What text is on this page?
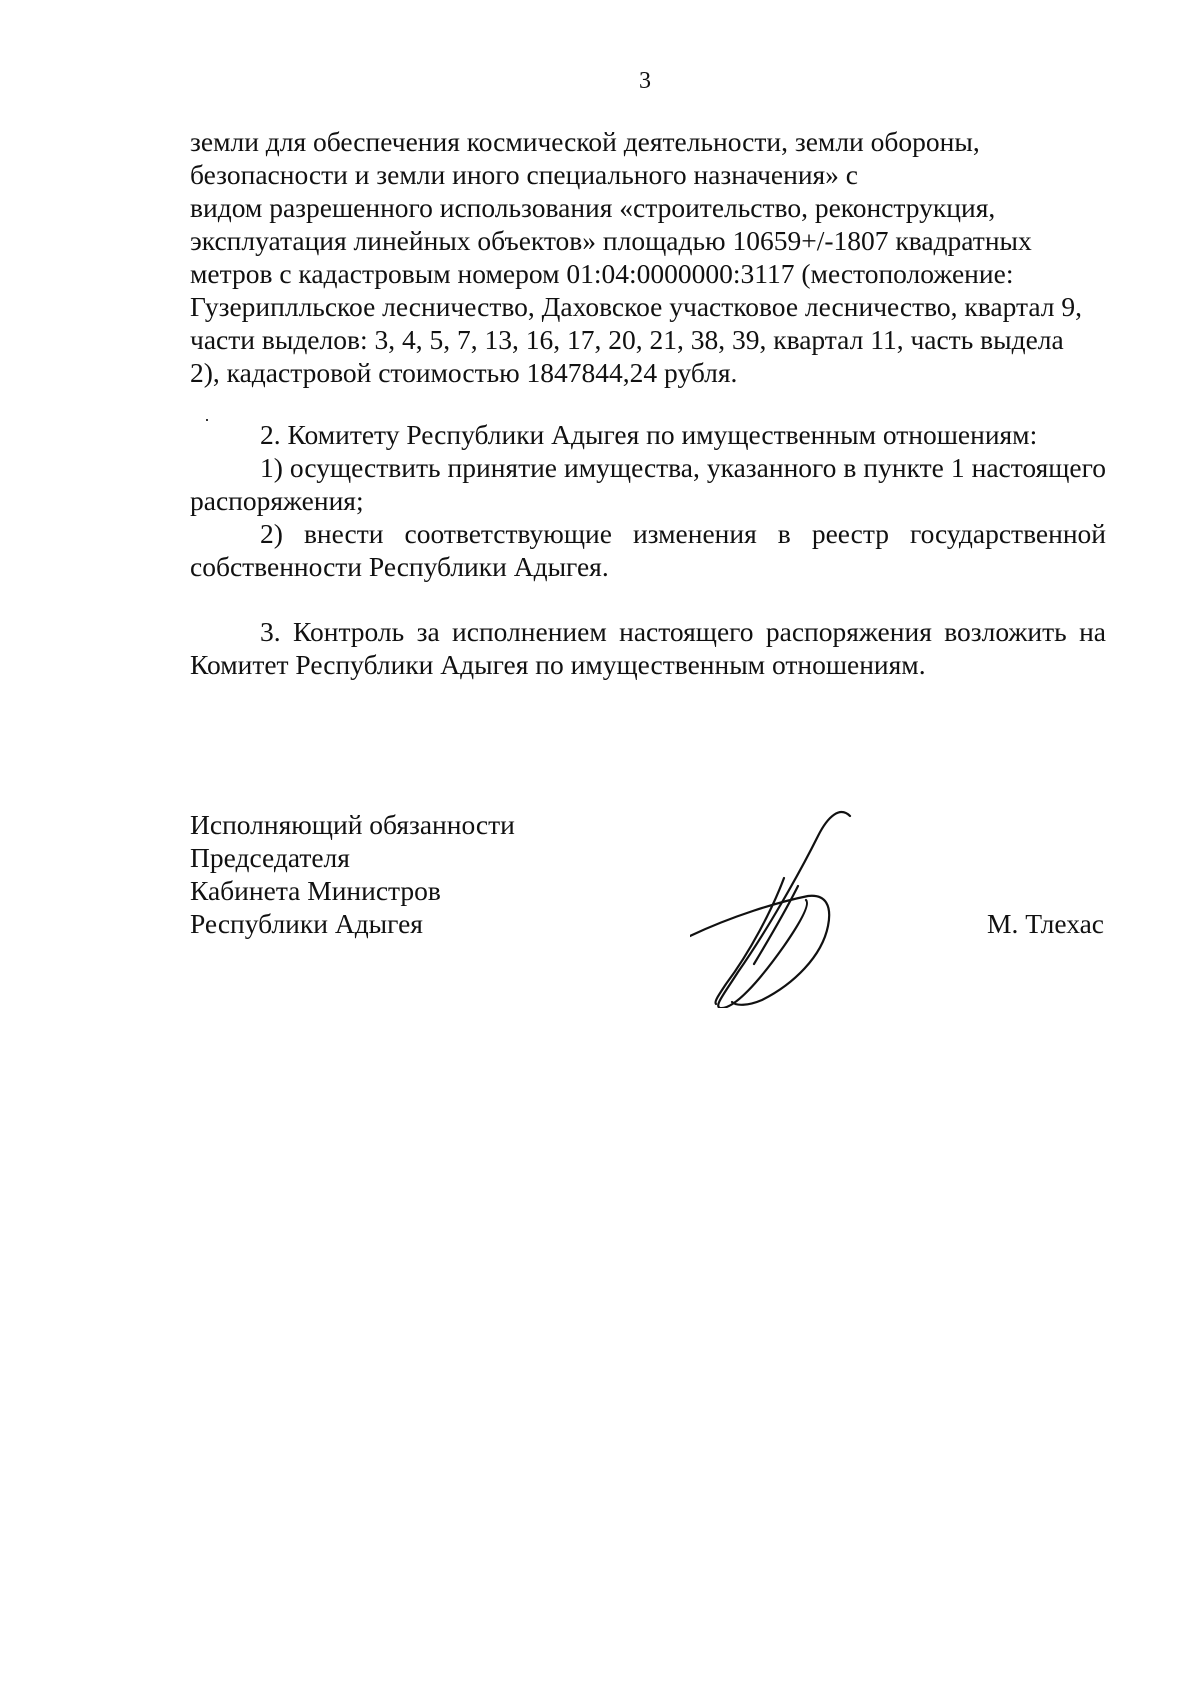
3

земли для обеспечения космической деятельности, земли обороны,

безопасности и земли иного специального назначения» с

видом разрешенного использования «строительство, реконструкция,

эксплуатация линейных объектов» площадью 10659+/-1807 квадратных

метров с кадастровым номером 01:04:0000000:3117 (местоположение:

Гузериплльское лесничество, Даховское участковое лесничество, квартал 9,

части выделов: 3, 4, 5, 7, 13, 16, 17, 20, 21, 38, 39, квартал 11, часть выдела

2), кадастровой стоимостью 1847844,24 рубля.

2. Комитету Республики Адыгея по имущественным отношениям:

1) осуществить принятие имущества, указанного в пункте 1 настоящего распоряжения;

2) внести соответствующие изменения в реестр государственной собственности Республики Адыгея.

3. Контроль за исполнением настоящего распоряжения возложить на Комитет Республики Адыгея по имущественным отношениям.

Исполняющий обязанности
Председателя
Кабинета Министров
Республики Адыгея	М. Тлехас
